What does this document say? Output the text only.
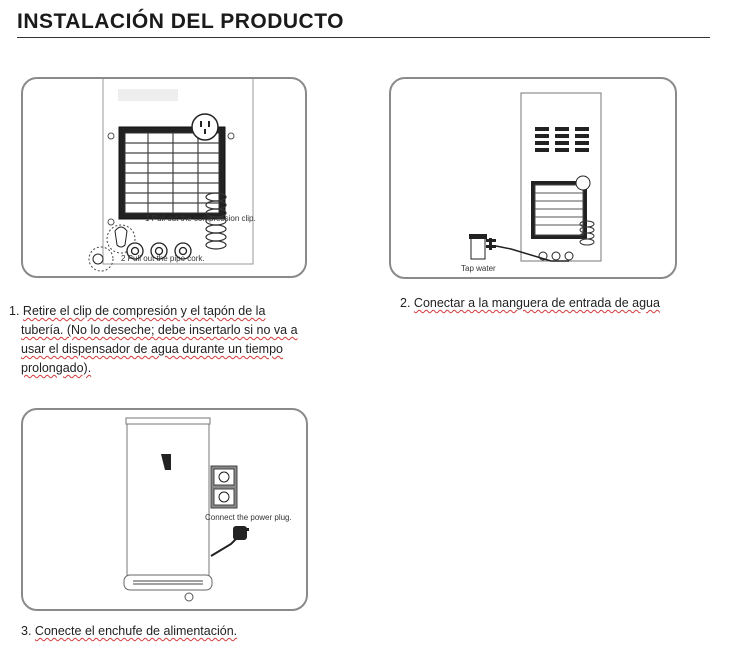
INSTALACIÓN DEL PRODUCTO
1 Pull out the compression clip.
2 Pull out the pipe cork.
Tap water
Connect the power plug.
1. Retire el clip de compresión y el tapón de la
tubería. (No lo deseche; debe insertarlo si no va a
usar el dispensador de agua durante un tiempo
prolongado).
2. Conectar a la manguera de entrada de agua
3. Conecte el enchufe de alimentación.
